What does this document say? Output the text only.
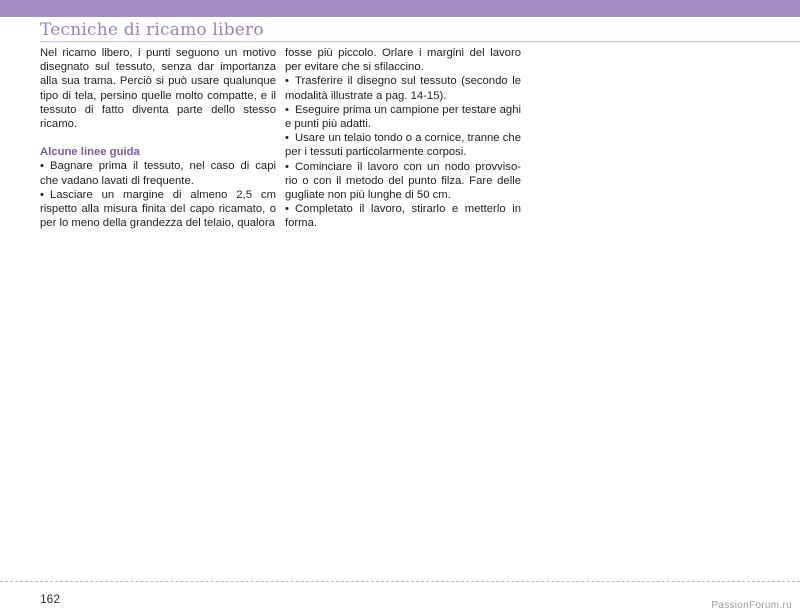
Tecniche di ricamo libero

Nel ricamo libero, i punti seguono un motivo disegnato sul tessuto, senza dar importanza alla sua trama. Perciò si può usare qualunque tipo di tela, persino quelle molto compatte, e il tessuto di fatto diventa parte dello stesso ricamo.

Alcune linee guida

• Bagnare prima il tessuto, nel caso di capi che vadano lavati di frequente.

• Lasciare un margine di almeno 2,5 cm rispetto alla misura finita del capo ricamato, o per lo meno della grandezza del telaio, qualora

fosse più piccolo. Orlare i margini del lavoro per evitare che si sfilaccino.

• Trasferire il disegno sul tessuto (secondo le modalità illustrate a pag. 14-15).

• Eseguire prima un campione per testare aghi e punti più adatti.

• Usare un telaio tondo o a cornice, tranne che per i tessuti particolarmente corposi.

• Cominciare il lavoro con un nodo provviso-rio o con il metodo del punto filza. Fare delle gugliate non più lunghe di 50 cm.

• Completato il lavoro, stirarlo e metterlo in forma.

162	PassionForum.ru
